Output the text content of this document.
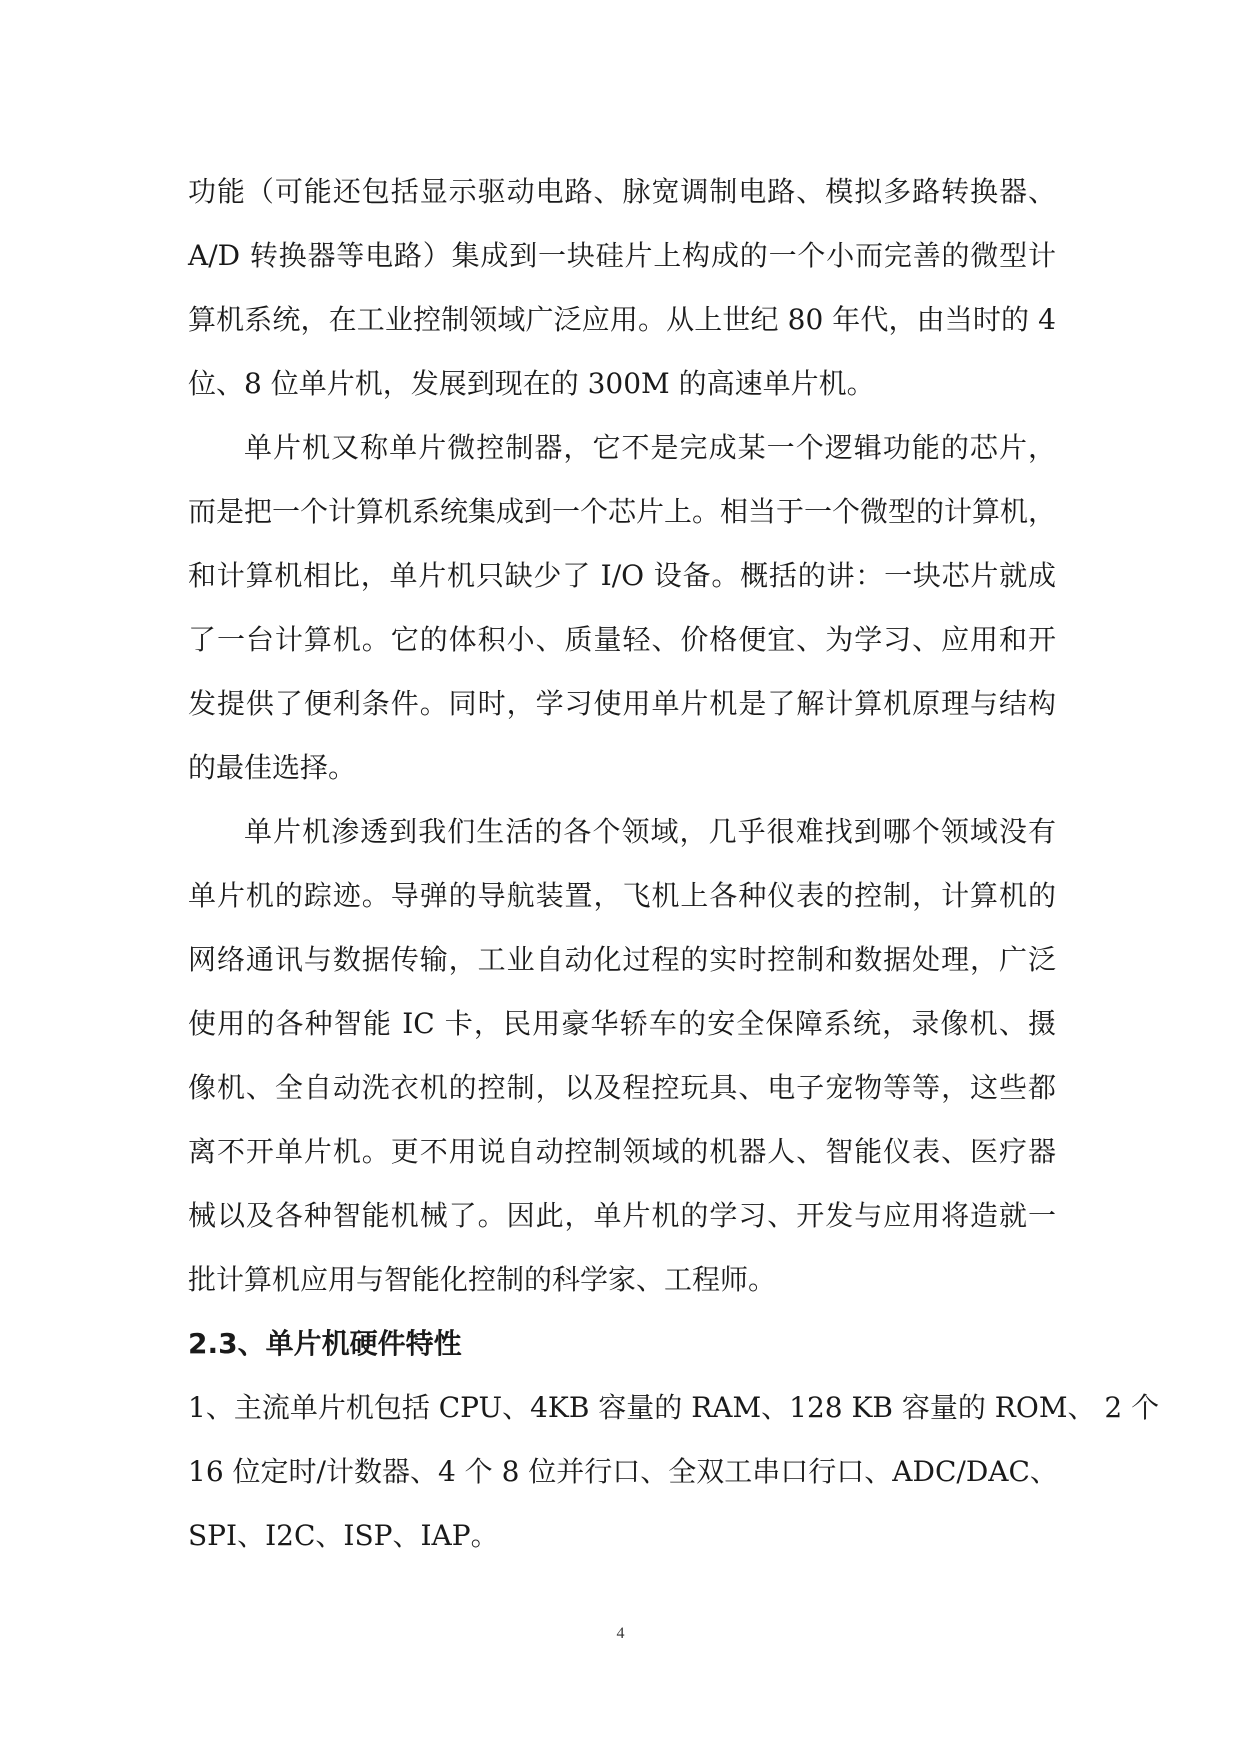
功能（可能还包括显示驱动电路、脉宽调制电路、模拟多路转换器、
A/D 转换器等电路）集成到一块硅片上构成的一个小而完善的微型计
算机系统，在工业控制领域广泛应用。从上世纪 80 年代，由当时的 4
位、8 位单片机，发展到现在的 300M 的高速单片机。
单片机又称单片微控制器，它不是完成某一个逻辑功能的芯片，
而是把一个计算机系统集成到一个芯片上。相当于一个微型的计算机，
和计算机相比，单片机只缺少了 I/O 设备。概括的讲：一块芯片就成
了一台计算机。它的体积小、质量轻、价格便宜、为学习、应用和开
发提供了便利条件。同时，学习使用单片机是了解计算机原理与结构
的最佳选择。
单片机渗透到我们生活的各个领域，几乎很难找到哪个领域没有
单片机的踪迹。导弹的导航装置，飞机上各种仪表的控制，计算机的
网络通讯与数据传输，工业自动化过程的实时控制和数据处理，广泛
使用的各种智能 IC 卡，民用豪华轿车的安全保障系统，录像机、摄
像机、全自动洗衣机的控制，以及程控玩具、电子宠物等等，这些都
离不开单片机。更不用说自动控制领域的机器人、智能仪表、医疗器
械以及各种智能机械了。因此，单片机的学习、开发与应用将造就一
批计算机应用与智能化控制的科学家、工程师。
2.3、单片机硬件特性
1、主流单片机包括 CPU、4KB 容量的 RAM、128 KB 容量的 ROM、 2 个
16 位定时/计数器、4 个 8 位并行口、全双工串口行口、ADC/DAC、
SPI、I2C、ISP、IAP。
4
